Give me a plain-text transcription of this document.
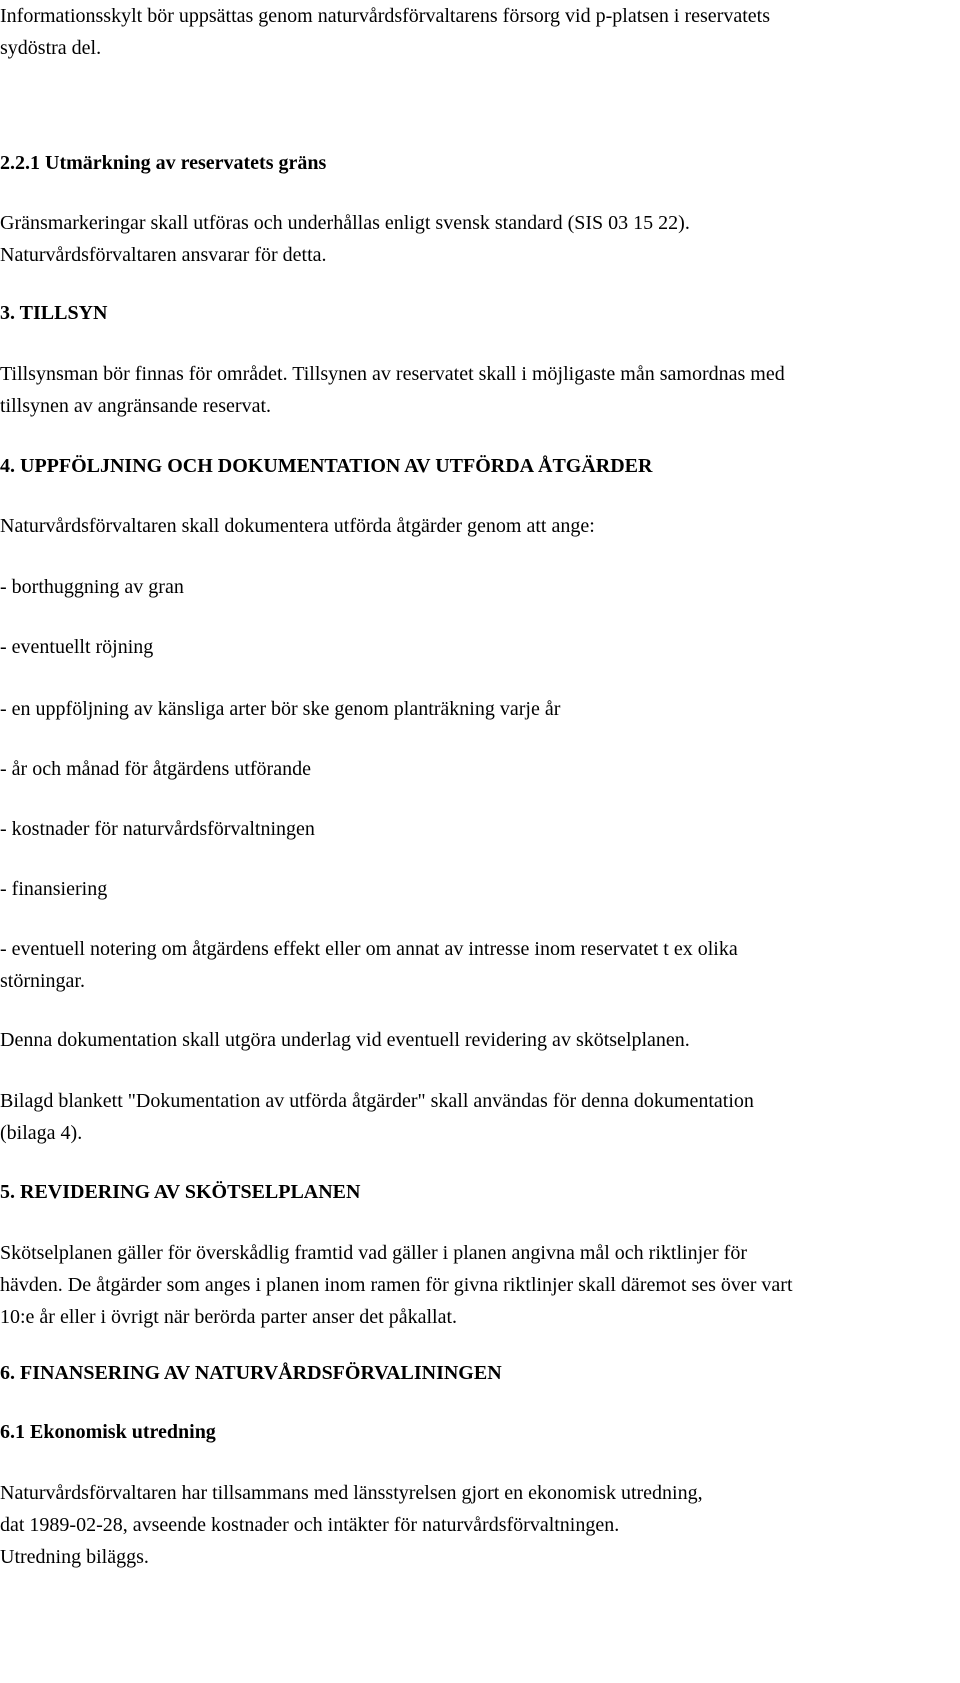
Informationsskylt bör uppsättas genom naturvårdsförvaltarens försorg vid p-platsen i reservatets
sydöstra del.

2.2.1 Utmärkning av reservatets gräns

Gränsmarkeringar skall utföras och underhållas enligt svensk standard (SIS 03 15 22).
Naturvårdsförvaltaren ansvarar för detta.

3. TILLSYN

Tillsynsman bör finnas för området. Tillsynen av reservatet skall i möjligaste mån samordnas med
tillsynen av angränsande reservat.

4. UPPFÖLJNING OCH DOKUMENTATION AV UTFÖRDA ÅTGÄRDER

Naturvårdsförvaltaren skall dokumentera utförda åtgärder genom att ange:

- borthuggning av gran

- eventuellt röjning

- en uppföljning av känsliga arter bör ske genom planträkning varje år

- år och månad för åtgärdens utförande

- kostnader för naturvårdsförvaltningen

- finansiering

- eventuell notering om åtgärdens effekt eller om annat av intresse inom reservatet t ex olika
störningar.

Denna dokumentation skall utgöra underlag vid eventuell revidering av skötselplanen.

Bilagd blankett "Dokumentation av utförda åtgärder" skall användas för denna dokumentation
(bilaga 4).

5. REVIDERING AV SKÖTSELPLANEN

Skötselplanen gäller för överskådlig framtid vad gäller i planen angivna mål och riktlinjer för
hävden. De åtgärder som anges i planen inom ramen för givna riktlinjer skall däremot ses över vart
10:e år eller i övrigt när berörda parter anser det påkallat.

6. FINANSERING AV NATURVÅRDSFÖRVALININGEN
6.1 Ekonomisk utredning

Naturvårdsförvaltaren har tillsammans med länsstyrelsen gjort en ekonomisk utredning,
dat 1989-02-28, avseende kostnader och intäkter för naturvårdsförvaltningen.
Utredning biläggs.
